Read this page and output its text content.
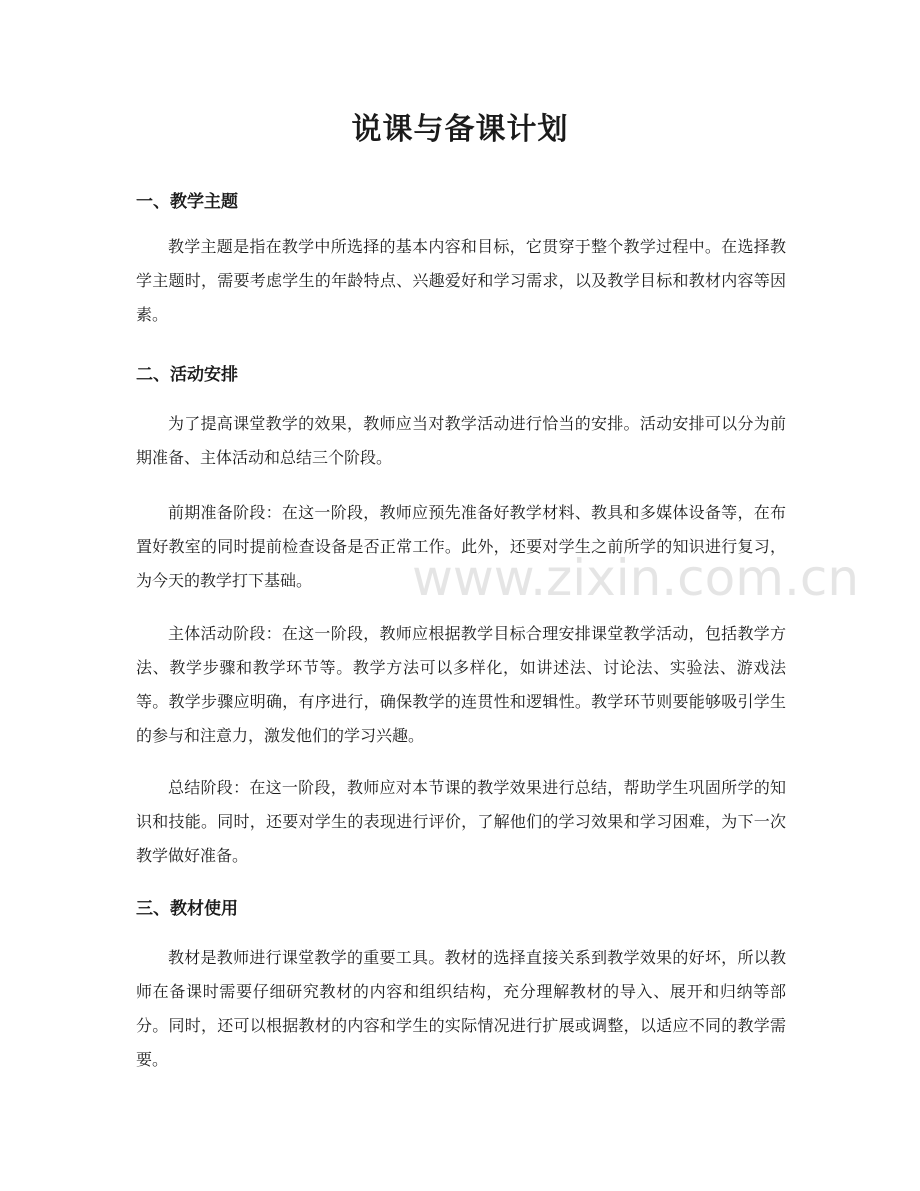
说课与备课计划
一、教学主题

教学主题是指在教学中所选择的基本内容和目标，它贯穿于整个教学过程中。在选择教学主题时，需要考虑学生的年龄特点、兴趣爱好和学习需求，以及教学目标和教材内容等因素。

二、活动安排

为了提高课堂教学的效果，教师应当对教学活动进行恰当的安排。活动安排可以分为前期准备、主体活动和总结三个阶段。

前期准备阶段：在这一阶段，教师应预先准备好教学材料、教具和多媒体设备等，在布置好教室的同时提前检查设备是否正常工作。此外，还要对学生之前所学的知识进行复习，为今天的教学打下基础。

主体活动阶段：在这一阶段，教师应根据教学目标合理安排课堂教学活动，包括教学方法、教学步骤和教学环节等。教学方法可以多样化，如讲述法、讨论法、实验法、游戏法等。教学步骤应明确，有序进行，确保教学的连贯性和逻辑性。教学环节则要能够吸引学生的参与和注意力，激发他们的学习兴趣。

总结阶段：在这一阶段，教师应对本节课的教学效果进行总结，帮助学生巩固所学的知识和技能。同时，还要对学生的表现进行评价，了解他们的学习效果和学习困难，为下一次教学做好准备。

三、教材使用

教材是教师进行课堂教学的重要工具。教材的选择直接关系到教学效果的好坏，所以教师在备课时需要仔细研究教材的内容和组织结构，充分理解教材的导入、展开和归纳等部分。同时，还可以根据教材的内容和学生的实际情况进行扩展或调整，以适应不同的教学需要。

www.zixin.com.cn
